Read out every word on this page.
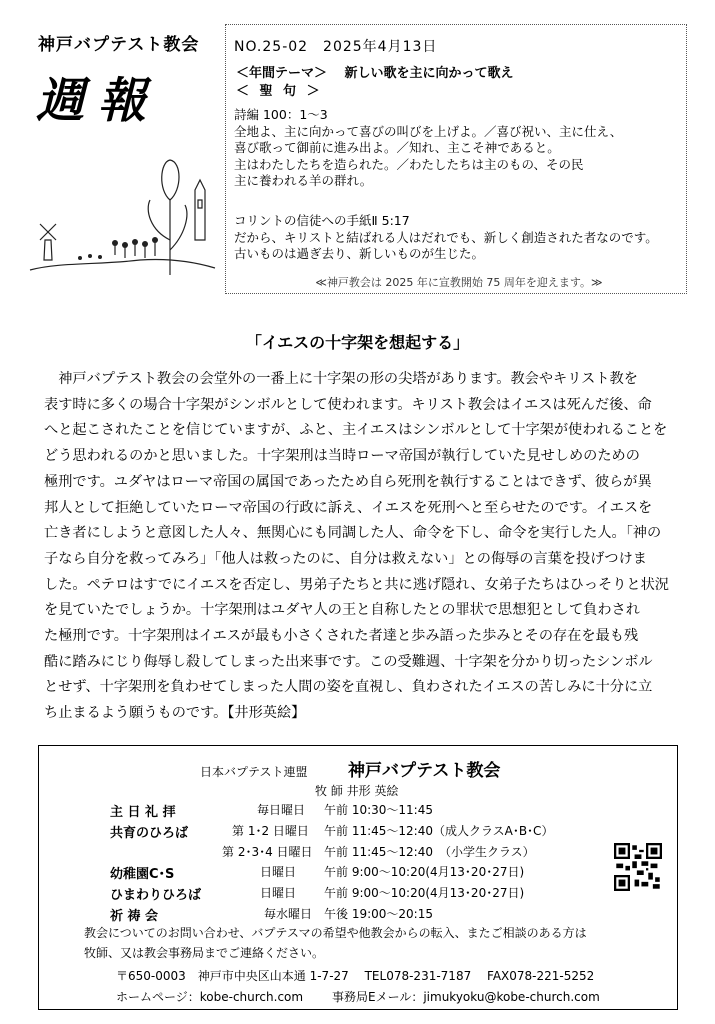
神戸バプテスト教会
週報
NO.25-02　2025年4月13日
＜年間テーマ＞　 新しい歌を主に向かって歌え
＜ 聖 句 ＞
詩編 100：1～3
全地よ、主に向かって喜びの叫びを上げよ。／喜び祝い、主に仕え、
喜び歌って御前に進み出よ。／知れ、主こそ神であると。
主はわたしたちを造られた。／わたしたちは主のもの、その民
主に養われる羊の群れ。
コリントの信徒への手紙Ⅱ 5:17
だから、キリストと結ばれる人はだれでも、新しく創造された者なのです。
古いものは過ぎ去り、新しいものが生じた。
≪神戸教会は 2025 年に宣教開始 75 周年を迎えます。≫
「イエスの十字架を想起する」
　神戸バプテスト教会の会堂外の一番上に十字架の形の尖塔があります。教会やキリスト教を
表す時に多くの場合十字架がシンボルとして使われます。キリスト教会はイエスは死んだ後、命
へと起こされたことを信じていますが、ふと、主イエスはシンボルとして十字架が使われることを
どう思われるのかと思いました。十字架刑は当時ローマ帝国が執行していた見せしめのための
極刑です。ユダヤはローマ帝国の属国であったため自ら死刑を執行することはできず、彼らが異
邦人として拒絶していたローマ帝国の行政に訴え、イエスを死刑へと至らせたのです。イエスを
亡き者にしようと意図した人々、無関心にも同調した人、命令を下し、命令を実行した人。「神の
子なら自分を救ってみろ」「他人は救ったのに、自分は救えない」との侮辱の言葉を投げつけま
した。ペテロはすでにイエスを否定し、男弟子たちと共に逃げ隠れ、女弟子たちはひっそりと状況
を見ていたでしょうか。十字架刑はユダヤ人の王と自称したとの罪状で思想犯として負わされ
た極刑です。十字架刑はイエスが最も小さくされた者達と歩み語った歩みとその存在を最も残
酷に踏みにじり侮辱し殺してしまった出来事です。この受難週、十字架を分かり切ったシンボル
とせず、十字架刑を負わせてしまった人間の姿を直視し、負わされたイエスの苦しみに十分に立
ち止まるよう願うものです。【井形英絵】
日本バプテスト連盟 神戸バプテスト教会
牧 師 井形 英絵
主 日 礼 拝	毎日曜日 午前 10:30～11:45
共育のひろば	第 1･2 日曜日 午前 11:45～12:40（成人クラスA･B･C）
第 2･3･4 日曜日 午前 11:45～12:40　（小学生クラス）
幼稚園C･S	日曜日 午前 9:00～10:20(4月13･20･27日)
ひまわりひろば	日曜日 午前 9:00～10:20(4月13･20･27日)
祈 祷 会	毎水曜日 午後 19:00～20:15
教会についてのお問い合わせ、バプテスマの希望や他教会からの転入、またご相談のある方は
牧師、又は教会事務局までご連絡ください。
〒650-0003　神戸市中央区山本通 1-7-27　 TEL078-231-7187　 FAX078-221-5252
ホームページ：kobe-church.com 事務局Eメール：jimukyoku@kobe-church.com
